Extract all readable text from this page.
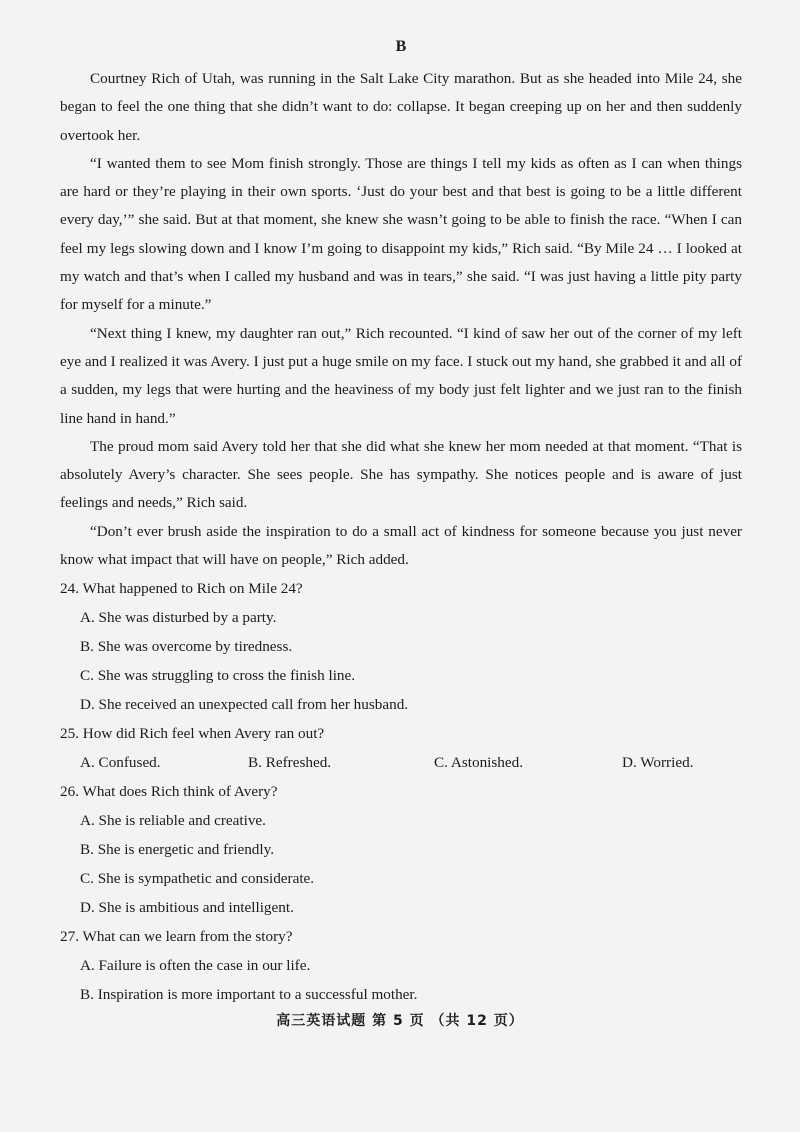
B

Courtney Rich of Utah, was running in the Salt Lake City marathon. But as she headed into Mile 24, she began to feel the one thing that she didn’t want to do: collapse. It began creeping up on her and then suddenly overtook her.

“I wanted them to see Mom finish strongly. Those are things I tell my kids as often as I can when things are hard or they’re playing in their own sports. ‘Just do your best and that best is going to be a little different every day,’” she said. But at that moment, she knew she wasn’t going to be able to finish the race. “When I can feel my legs slowing down and I know I’m going to disappoint my kids,” Rich said. “By Mile 24 … I looked at my watch and that’s when I called my husband and was in tears,” she said. “I was just having a little pity party for myself for a minute.”

“Next thing I knew, my daughter ran out,” Rich recounted. “I kind of saw her out of the corner of my left eye and I realized it was Avery. I just put a huge smile on my face. I stuck out my hand, she grabbed it and all of a sudden, my legs that were hurting and the heaviness of my body just felt lighter and we just ran to the finish line hand in hand.”

The proud mom said Avery told her that she did what she knew her mom needed at that moment. “That is absolutely Avery’s character. She sees people. She has sympathy. She notices people and is aware of just feelings and needs,” Rich said.

“Don’t ever brush aside the inspiration to do a small act of kindness for someone because you just never know what impact that will have on people,” Rich added.

24. What happened to Rich on Mile 24?

A. She was disturbed by a party.

B. She was overcome by tiredness.

C. She was struggling to cross the finish line.

D. She received an unexpected call from her husband.

25. How did Rich feel when Avery ran out?

A. Confused.	B. Refreshed.	C. Astonished.	D. Worried.

26. What does Rich think of Avery?

A. She is reliable and creative.

B. She is energetic and friendly.

C. She is sympathetic and considerate.

D. She is ambitious and intelligent.

27. What can we learn from the story?

A. Failure is often the case in our life.

B. Inspiration is more important to a successful mother.

高三英语试题 第 5 页 （共 12 页）
